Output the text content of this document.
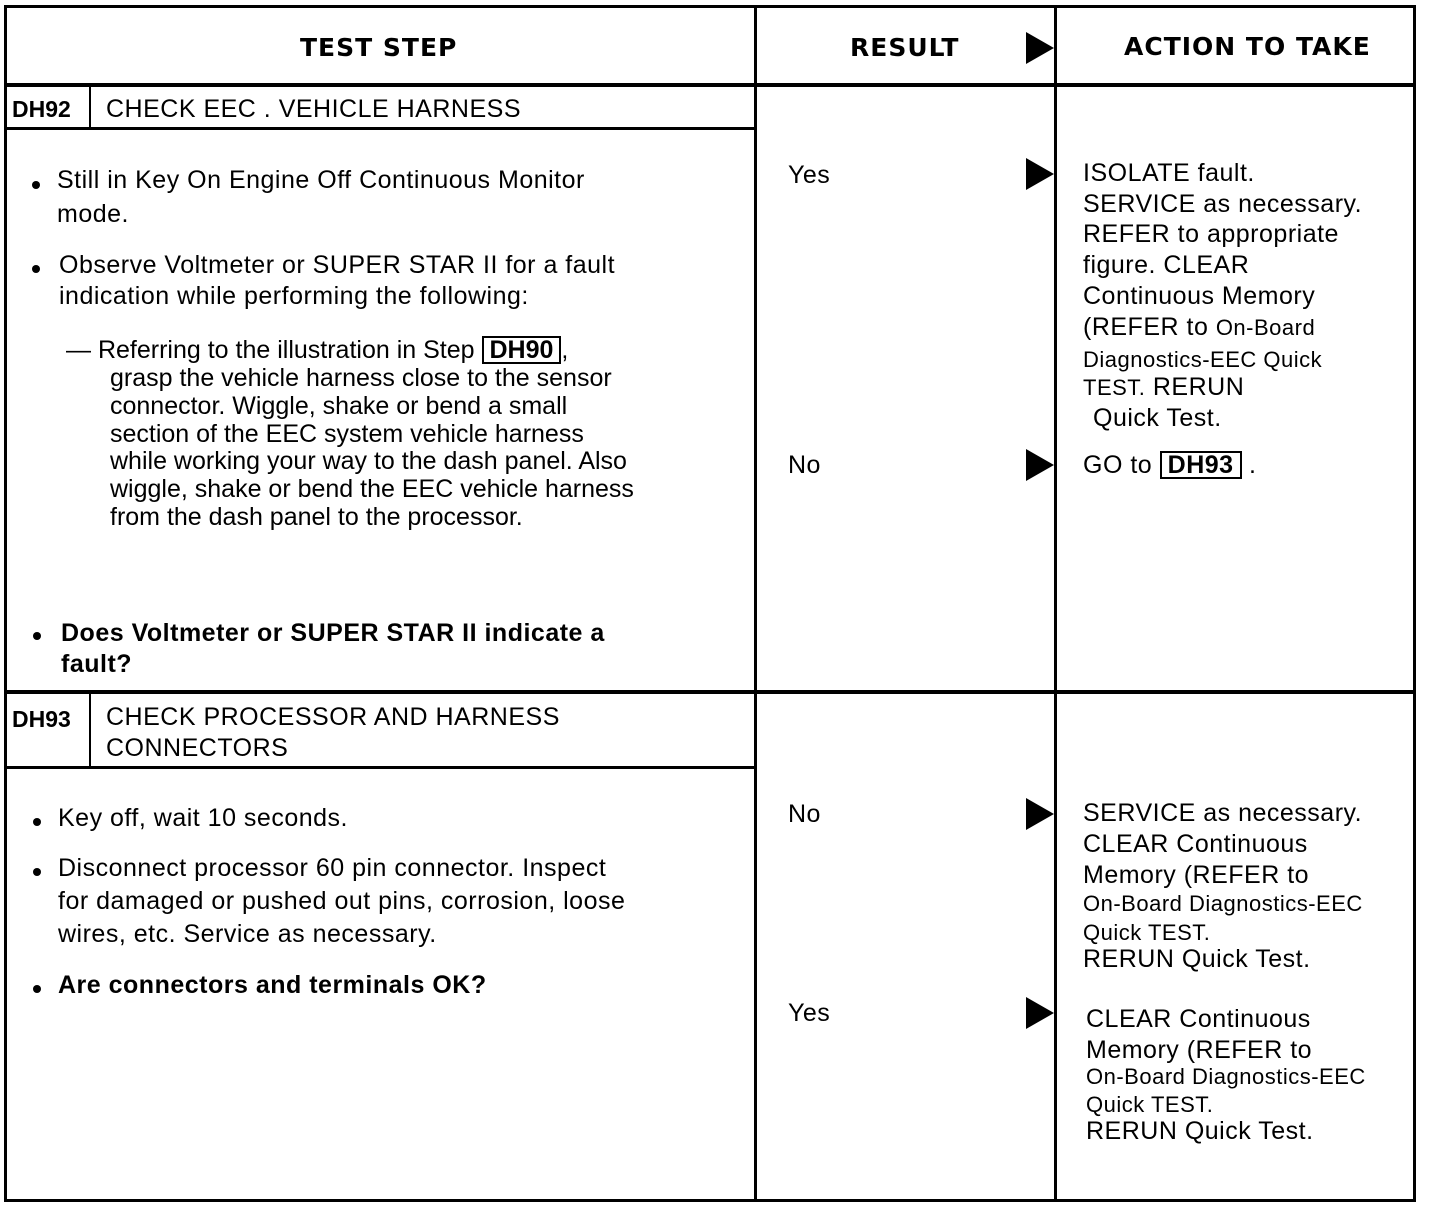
TEST STEP	RESULT	ACTION TO TAKE
DH92 CHECK EEC . VEHICLE HARNESS
Still in Key On Engine Off Continuous Monitor
mode.
Observe Voltmeter or SUPER STAR II for a fault
indication while performing the following:
— Referring to the illustration in Step DH90 ,
grasp the vehicle harness close to the sensor
connector. Wiggle, shake or bend a small
section of the EEC system vehicle harness
while working your way to the dash panel. Also
wiggle, shake or bend the EEC vehicle harness
from the dash panel to the processor.
Does Voltmeter or SUPER STAR II indicate a
fault?
Yes	ISOLATE fault.
SERVICE as necessary.
REFER to appropriate
figure. CLEAR
Continuous Memory
(REFER to On-Board
Diagnostics-EEC Quick
TEST. RERUN
Quick Test.
No	GO to DH93 .
DH93 CHECK PROCESSOR AND HARNESS
CONNECTORS
Key off, wait 10 seconds.
Disconnect processor 60 pin connector. Inspect
for damaged or pushed out pins, corrosion, loose
wires, etc. Service as necessary.
Are connectors and terminals OK?
No	SERVICE as necessary.
CLEAR Continuous
Memory (REFER to
On-Board Diagnostics-EEC
Quick TEST.
RERUN Quick Test.
Yes	CLEAR Continuous
Memory (REFER to
On-Board Diagnostics-EEC
Quick TEST.
RERUN Quick Test.
